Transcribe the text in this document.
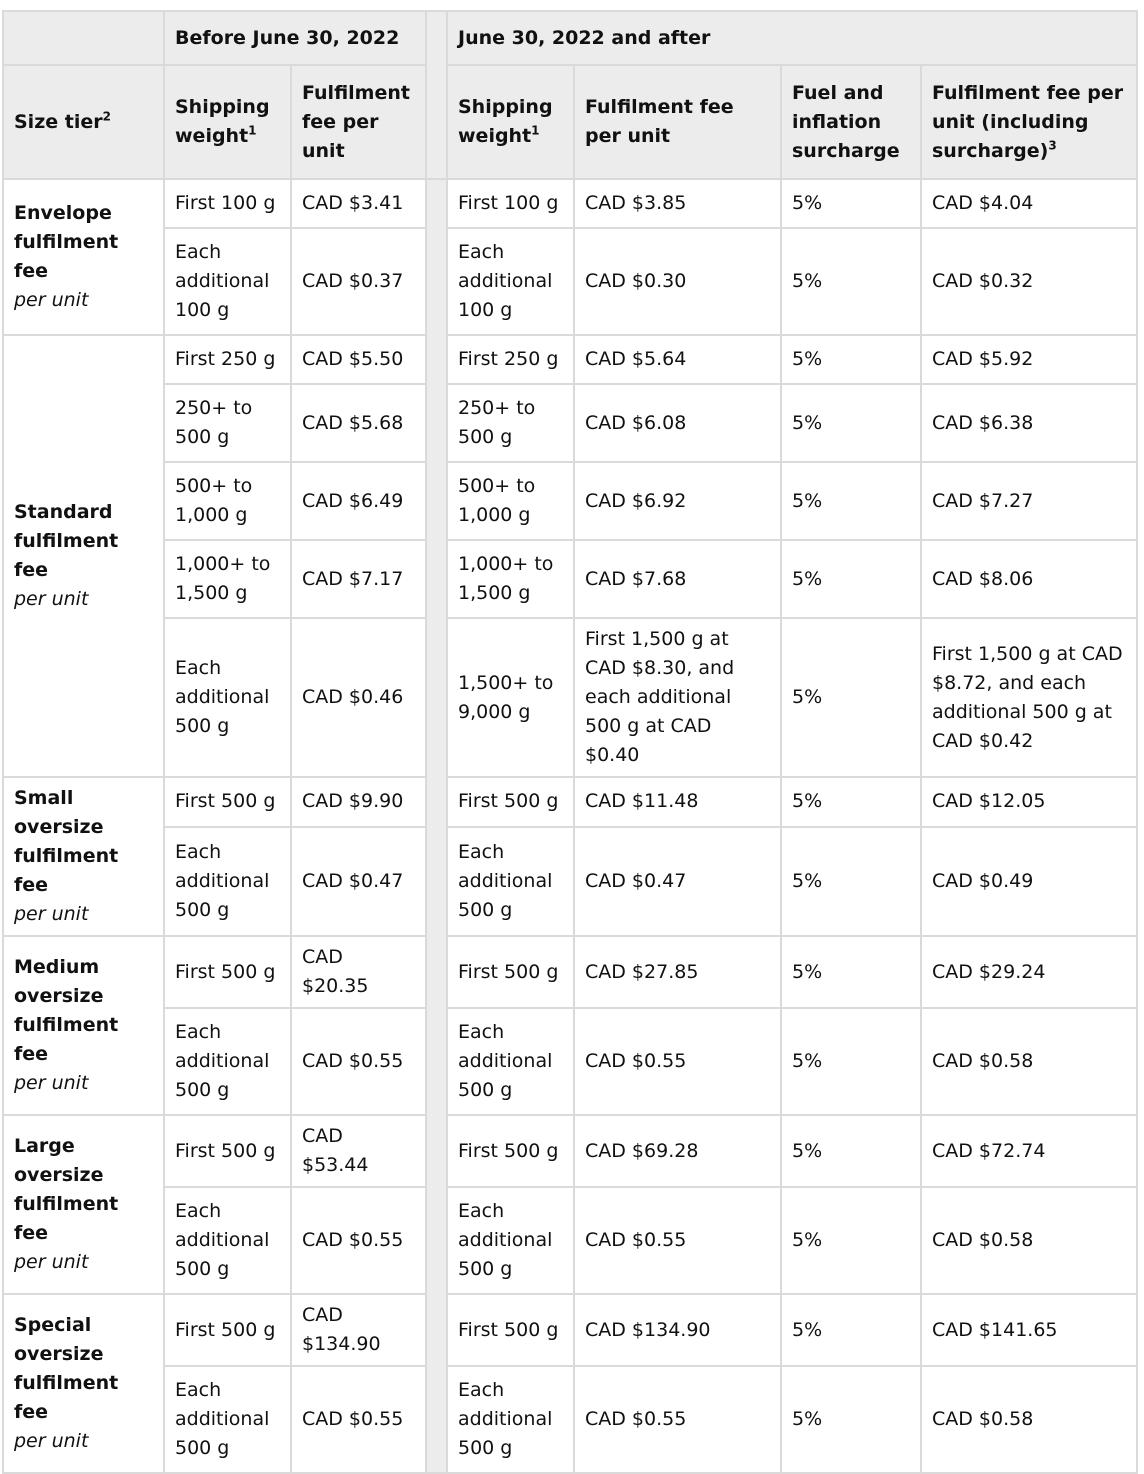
	Before June 30, 2022			June 30, 2022 and after			
Size tier$^2$	Shipping weight$^1$	Fulfilment fee per unit		Shipping weight$^1$	Fulfilment fee per unit	Fuel and inflation surcharge	Fulfilment fee per unit (including surcharge)$^3$
Envelope fulfilment fee
per unit	First 100 g	CAD $3.41		First 100 g	CAD $3.85	5%	CAD $4.04
	Each additional 100 g	CAD $0.37		Each additional 100 g	CAD $0.30	5%	CAD $0.32
Standard fulfilment fee
per unit	First 250 g	CAD $5.50		First 250 g	CAD $5.64	5%	CAD $5.92
	250+ to 500 g	CAD $5.68		250+ to 500 g	CAD $6.08	5%	CAD $6.38
	500+ to 1,000 g	CAD $6.49		500+ to 1,000 g	CAD $6.92	5%	CAD $7.27
	1,000+ to 1,500 g	CAD $7.17		1,000+ to 1,500 g	CAD $7.68	5%	CAD $8.06
	Each additional 500 g	CAD $0.46		1,500+ to 9,000 g	First 1,500 g at CAD $8.30, and each additional 500 g at CAD $0.40	5%	First 1,500 g at CAD $8.72, and each additional 500 g at CAD $0.42
Small oversize fulfilment fee
per unit	First 500 g	CAD $9.90		First 500 g	CAD $11.48	5%	CAD $12.05
	Each additional 500 g	CAD $0.47		Each additional 500 g	CAD $0.47	5%	CAD $0.49
Medium oversize fulfilment fee
per unit	First 500 g	CAD $20.35		First 500 g	CAD $27.85	5%	CAD $29.24
	Each additional 500 g	CAD $0.55		Each additional 500 g	CAD $0.55	5%	CAD $0.58
Large oversize fulfilment fee
per unit	First 500 g	CAD $53.44		First 500 g	CAD $69.28	5%	CAD $72.74
	Each additional 500 g	CAD $0.55		Each additional 500 g	CAD $0.55	5%	CAD $0.58
Special oversize fulfilment fee
per unit	First 500 g	CAD $134.90		First 500 g	CAD $134.90	5%	CAD $141.65
	Each additional 500 g	CAD $0.55		Each additional 500 g	CAD $0.55	5%	CAD $0.58
